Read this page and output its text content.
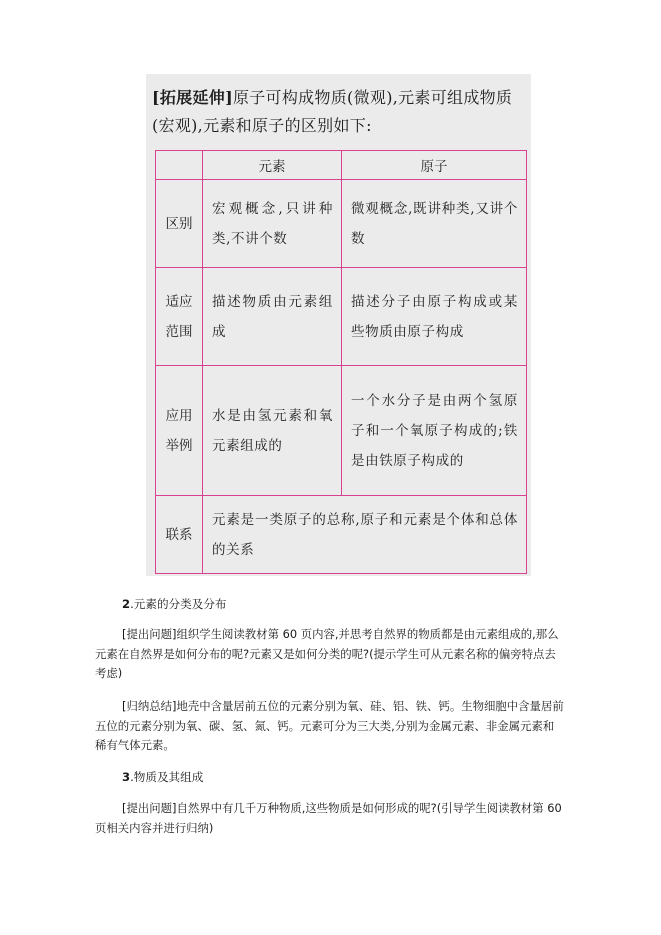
[拓展延伸]原子可构成物质(微观),元素可组成物质(宏观),元素和原子的区别如下:
	元素	原子
区别	宏观概念,只讲种类,不讲个数	微观概念,既讲种类,又讲个数
适应范围	描述物质由元素组成	描述分子由原子构成或某些物质由原子构成
应用举例	水是由氢元素和氧元素组成的	一个水分子是由两个氢原子和一个氧原子构成的;铁是由铁原子构成的
联系	元素是一类原子的总称,原子和元素是个体和总体的关系	
2.元素的分类及分布
[提出问题]组织学生阅读教材第 60 页内容,并思考自然界的物质都是由元素组成的,那么元素在自然界是如何分布的呢?元素又是如何分类的呢?(提示学生可从元素名称的偏旁特点去考虑)
[归纳总结]地壳中含量居前五位的元素分别为氧、硅、铝、铁、钙。生物细胞中含量居前五位的元素分别为氧、碳、氢、氮、钙。元素可分为三大类,分别为金属元素、非金属元素和稀有气体元素。
3.物质及其组成
[提出问题]自然界中有几千万种物质,这些物质是如何形成的呢?(引导学生阅读教材第 60 页相关内容并进行归纳)
